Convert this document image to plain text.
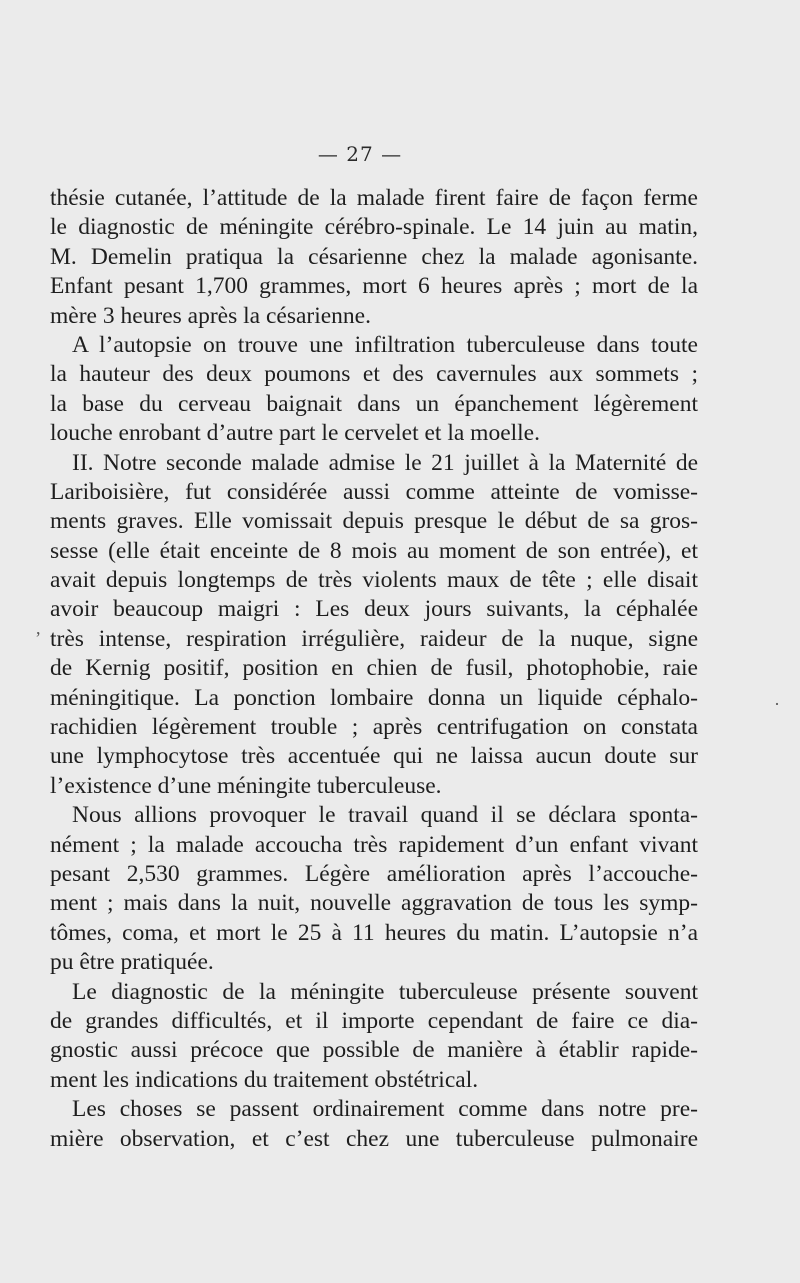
— 27 —
thésie cutanée, l’attitude de la malade firent faire de façon ferme
le diagnostic de méningite cérébro-spinale. Le 14 juin au matin,
M. Demelin pratiqua la césarienne chez la malade agonisante.
Enfant pesant 1,700 grammes, mort 6 heures après ; mort de la
mère 3 heures après la césarienne.
A l’autopsie on trouve une infiltration tuberculeuse dans toute
la hauteur des deux poumons et des cavernules aux sommets ;
la base du cerveau baignait dans un épanchement légèrement
louche enrobant d’autre part le cervelet et la moelle.
II. Notre seconde malade admise le 21 juillet à la Maternité de
Lariboisière, fut considérée aussi comme atteinte de vomisse-
ments graves. Elle vomissait depuis presque le début de sa gros-
sesse (elle était enceinte de 8 mois au moment de son entrée), et
avait depuis longtemps de très violents maux de tête ; elle disait
avoir beaucoup maigri : Les deux jours suivants, la céphalée
très intense, respiration irrégulière, raideur de la nuque, signe
de Kernig positif, position en chien de fusil, photophobie, raie
méningitique. La ponction lombaire donna un liquide céphalo-
rachidien légèrement trouble ; après centrifugation on constata
une lymphocytose très accentuée qui ne laissa aucun doute sur
l’existence d’une méningite tuberculeuse.
Nous allions provoquer le travail quand il se déclara sponta-
nément ; la malade accoucha très rapidement d’un enfant vivant
pesant 2,530 grammes. Légère amélioration après l’accouche-
ment ; mais dans la nuit, nouvelle aggravation de tous les symp-
tômes, coma, et mort le 25 à 11 heures du matin. L’autopsie n’a
pu être pratiquée.
Le diagnostic de la méningite tuberculeuse présente souvent
de grandes difficultés, et il importe cependant de faire ce dia-
gnostic aussi précoce que possible de manière à établir rapide-
ment les indications du traitement obstétrical.
Les choses se passent ordinairement comme dans notre pre-
mière observation, et c’est chez une tuberculeuse pulmonaire
,
·
